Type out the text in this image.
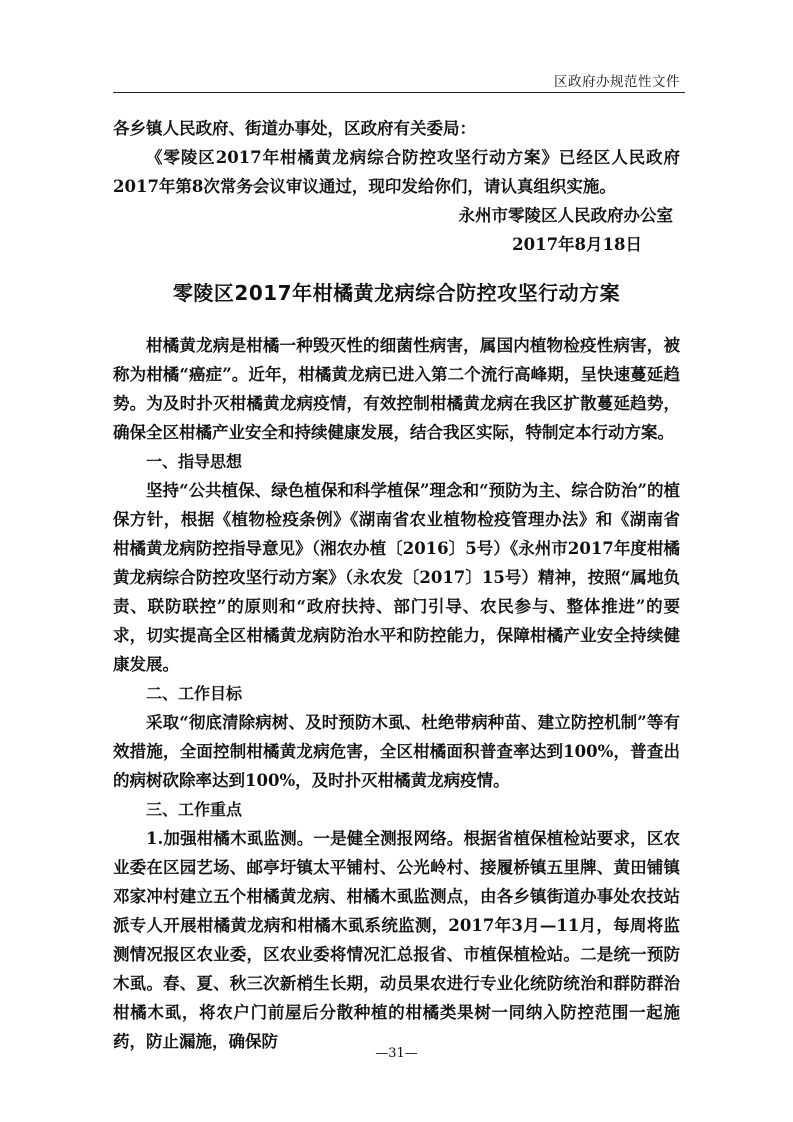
区政府办规范性文件

各乡镇人民政府、街道办事处，区政府有关委局：

《零陵区2017年柑橘黄龙病综合防控攻坚行动方案》已经区人民政府2017年第8次常务会议审议通过，现印发给你们，请认真组织实施。

永州市零陵区人民政府办公室

2017年8月18日

零陵区2017年柑橘黄龙病综合防控攻坚行动方案

柑橘黄龙病是柑橘一种毁灭性的细菌性病害，属国内植物检疫性病害，被称为柑橘“癌症”。近年，柑橘黄龙病已进入第二个流行高峰期，呈快速蔓延趋势。为及时扑灭柑橘黄龙病疫情，有效控制柑橘黄龙病在我区扩散蔓延趋势，确保全区柑橘产业安全和持续健康发展，结合我区实际，特制定本行动方案。

一、指导思想

坚持“公共植保、绿色植保和科学植保”理念和“预防为主、综合防治”的植保方针，根据《植物检疫条例》《湖南省农业植物检疫管理办法》和《湖南省柑橘黄龙病防控指导意见》（湘农办植〔2016〕5号）《永州市2017年度柑橘黄龙病综合防控攻坚行动方案》（永农发〔2017〕15号）精神，按照“属地负责、联防联控”的原则和“政府扶持、部门引导、农民参与、整体推进”的要求，切实提高全区柑橘黄龙病防治水平和防控能力，保障柑橘产业安全持续健康发展。

二、工作目标

采取“彻底清除病树、及时预防木虱、杜绝带病种苗、建立防控机制”等有效措施，全面控制柑橘黄龙病危害，全区柑橘面积普查率达到100%，普查出的病树砍除率达到100%，及时扑灭柑橘黄龙病疫情。

三、工作重点

1.加强柑橘木虱监测。一是健全测报网络。根据省植保植检站要求，区农业委在区园艺场、邮亭圩镇太平铺村、公光岭村、接履桥镇五里牌、黄田铺镇邓家冲村建立五个柑橘黄龙病、柑橘木虱监测点，由各乡镇街道办事处农技站派专人开展柑橘黄龙病和柑橘木虱系统监测，2017年3月—11月，每周将监测情况报区农业委，区农业委将情况汇总报省、市植保植检站。二是统一预防木虱。春、夏、秋三次新梢生长期，动员果农进行专业化统防统治和群防群治柑橘木虱，将农户门前屋后分散种植的柑橘类果树一同纳入防控范围一起施药，防止漏施，确保防

—31—
